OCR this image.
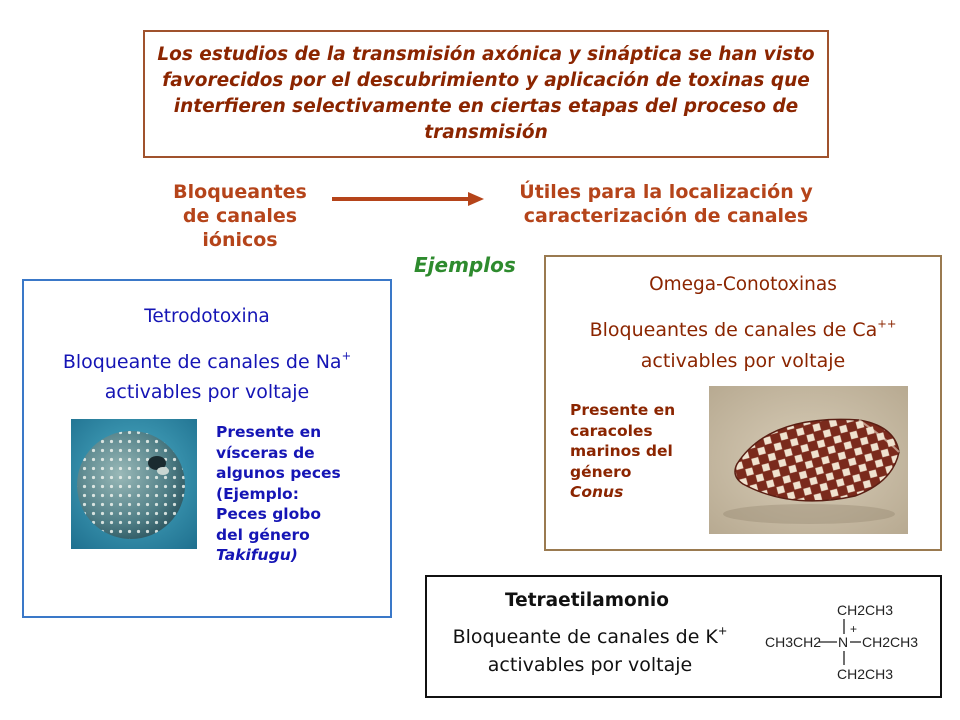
Los estudios de la transmisión axónica y sináptica se han visto favorecidos por el descubrimiento y aplicación de toxinas que interfieren selectivamente en ciertas etapas del proceso de transmisión
Bloqueantes
de canales
iónicos
Útiles para la localización y
caracterización de canales
Ejemplos
Tetrodotoxina
Bloqueante de canales de Na+
activables por voltaje
Presente en
vísceras de
algunos peces
(Ejemplo:
Peces globo
del género
Takifugu)
Omega-Conotoxinas
Bloqueantes de canales de Ca++
activables por voltaje
Presente en
caracoles
marinos del
género
Conus
Tetraetilamonio
Bloqueante de canales de K+
activables por voltaje
CH2CH3
+
CH3CH2 N CH2CH3
CH2CH3
